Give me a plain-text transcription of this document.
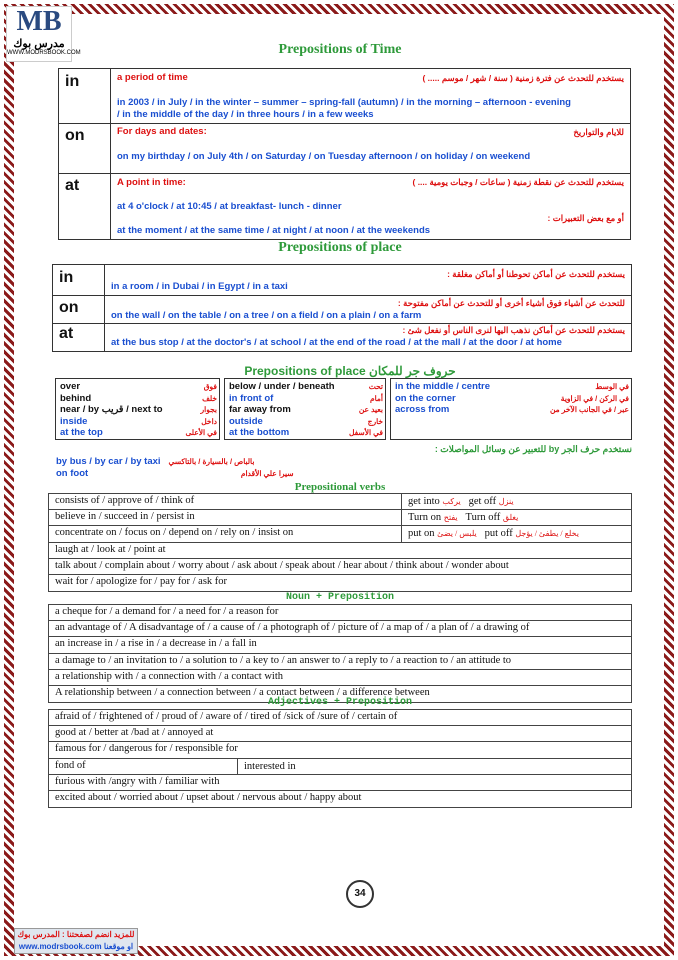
MB
مدرس بوك
WWW.MODRSBOOK.COM	Prepositions of Time
in	a period of time	يستخدم للتحدث عن فترة زمنية ( سنة / شهر / موسم ..... )
in 2003 / in July / in the winter – summer – spring-fall (autumn) / in the morning – afternoon - evening
/ in the middle of the day / in three hours / in a few weeks
on	For days and dates:	للايام والتواريخ
on my birthday / on July 4th / on Saturday / on Tuesday afternoon / on holiday / on weekend
at	A point in time:	يستخدم للتحدث عن نقطة زمنية ( ساعات / وجبات يومية .... )
أو مع بعض التعبيرات :
at 4 o'clock / at 10:45 / at breakfast- lunch - dinner
at the moment / at the same time / at night / at noon / at the weekends
Prepositions of place
in	يستخدم للتحدث عن أماكن تحوطنا أو أماكن مغلقة :
in a room / in Dubai / in Egypt / in a taxi
on	للتحدث عن أشياء فوق أشياء أخرى أو للتحدث عن أماكن مفتوحة :
on the wall / on the table / on a tree / on a field / on a plain / on a farm
at	يستخدم للتحدث عن أماكن نذهب اليها لنرى الناس أو نفعل شئ :
at the bus stop / at the doctor's / at school / at the end of the road / at the mall / at the door / at home
Prepositions of place حروف جر للمكان
over	فوق
behind	خلف
near / by قريب / next to	بجوار
inside	داخل
at the top	في الأعلى
below / under / beneath	تحت
in front of	أمام
far away from	بعيد عن
outside	خارج
at the bottom	في الأسفل
in the middle / centre	في الوسط
on the corner	في الركن / في الزاوية
across from	عبر / في الجانب الآخر من
نستخدم حرف الجر by للتعبير عن وسائل المواصلات :
by bus / by car / by taxi بالباص / بالسيارة / بالتاكسي
on foot	سيرا علي الأقدام
Prepositional verbs
consists of / approve of / think of	get into يركب get off ينزل
believe in / succeed in / persist in	Turn on يفتح Turn off يغلق
concentrate on / focus on / depend on / rely on / insist on	put on يلبس / يضئ put off يخلع / يطفئ / يؤجل
laugh at / look at / point at
talk about / complain about / worry about / ask about / speak about / hear about / think about / wonder about
wait for / apologize for / pay for / ask for
Noun + Preposition
a cheque for / a demand for / a need for / a reason for
an advantage of / A disadvantage of / a cause of / a photograph of / picture of / a map of / a plan of / a drawing of
an increase in / a rise in / a decrease in / a fall in
a damage to / an invitation to / a solution to / a key to / an answer to / a reply to / a reaction to / an attitude to
a relationship with / a connection with / a contact with
A relationship between / a connection between / a contact between / a difference between
Adjectives + Preposition
afraid of / frightened of / proud of / aware of / tired of /sick of /sure of / certain of
good at / better at /bad at / annoyed at
famous for / dangerous for / responsible for
fond of	interested in
furious with /angry with / familiar with
excited about / worried about / upset about / nervous about / happy about
34
للمزيد انضم لصفحتنا : المدرس بوك
www.modrsbook.com او موقعنا
